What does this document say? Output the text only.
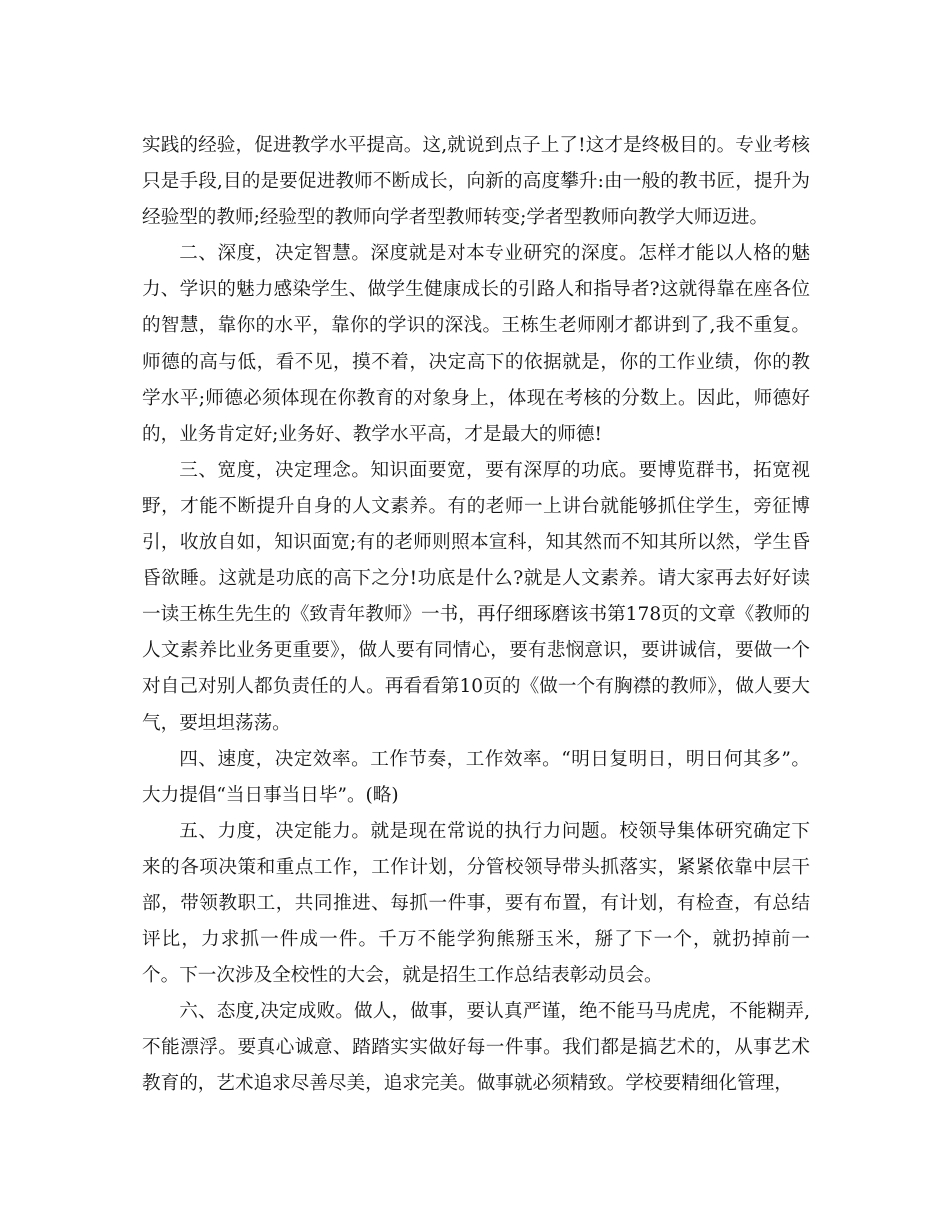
实践的经验，促进教学水平提高。这,就说到点子上了!这才是终极目的。专业考核只是手段,目的是要促进教师不断成长，向新的高度攀升:由一般的教书匠，提升为经验型的教师;经验型的教师向学者型教师转变;学者型教师向教学大师迈进。

二、深度，决定智慧。深度就是对本专业研究的深度。怎样才能以人格的魅力、学识的魅力感染学生、做学生健康成长的引路人和指导者?这就得靠在座各位的智慧，靠你的水平，靠你的学识的深浅。王栋生老师刚才都讲到了,我不重复。师德的高与低，看不见，摸不着，决定高下的依据就是，你的工作业绩，你的教学水平;师德必须体现在你教育的对象身上，体现在考核的分数上。因此，师德好的，业务肯定好;业务好、教学水平高，才是最大的师德!

三、宽度，决定理念。知识面要宽，要有深厚的功底。要博览群书，拓宽视野，才能不断提升自身的人文素养。有的老师一上讲台就能够抓住学生，旁征博引，收放自如，知识面宽;有的老师则照本宣科，知其然而不知其所以然，学生昏昏欲睡。这就是功底的高下之分!功底是什么?就是人文素养。请大家再去好好读一读王栋生先生的《致青年教师》一书，再仔细琢磨该书第178页的文章《教师的人文素养比业务更重要》，做人要有同情心，要有悲悯意识，要讲诚信，要做一个对自己对别人都负责任的人。再看看第10页的《做一个有胸襟的教师》，做人要大气，要坦坦荡荡。

四、速度，决定效率。工作节奏，工作效率。“明日复明日，明日何其多”。大力提倡“当日事当日毕”。(略)

五、力度，决定能力。就是现在常说的执行力问题。校领导集体研究确定下来的各项决策和重点工作，工作计划，分管校领导带头抓落实，紧紧依靠中层干部，带领教职工，共同推进、每抓一件事，要有布置，有计划，有检查，有总结评比，力求抓一件成一件。千万不能学狗熊掰玉米，掰了下一个，就扔掉前一个。下一次涉及全校性的大会，就是招生工作总结表彰动员会。

六、态度,决定成败。做人，做事，要认真严谨，绝不能马马虎虎，不能糊弄,不能漂浮。要真心诚意、踏踏实实做好每一件事。我们都是搞艺术的，从事艺术教育的，艺术追求尽善尽美，追求完美。做事就必须精致。学校要精细化管理，
